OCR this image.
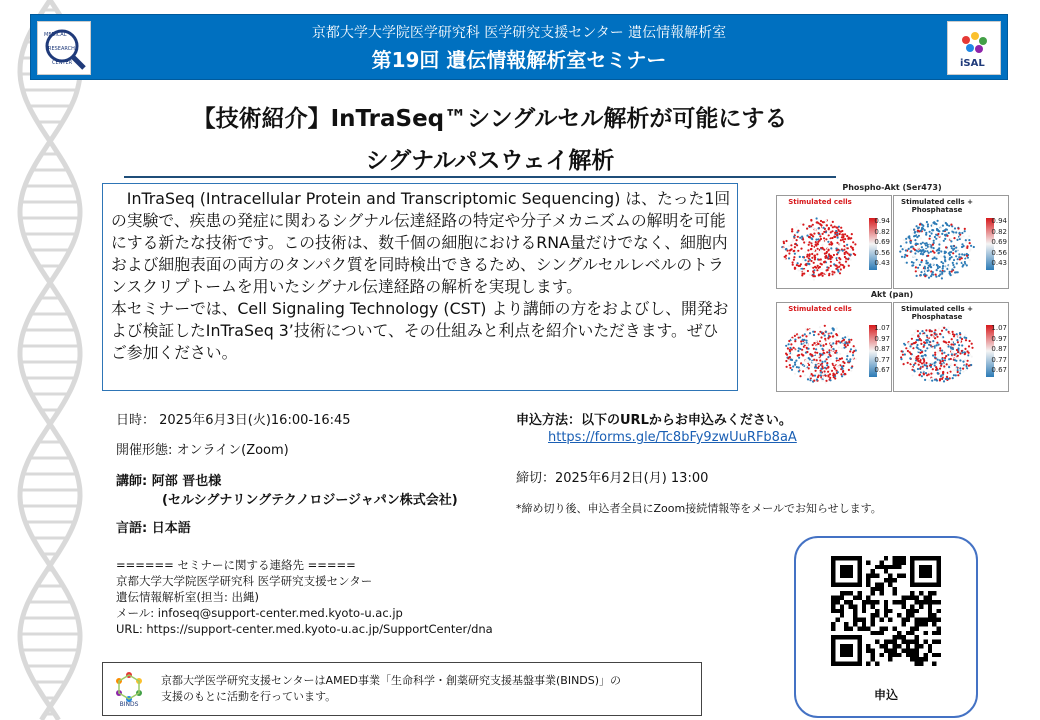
MEDICAL
RESEARCH
CENTER
京都大学大学院医学研究科 医学研究支援センター 遺伝情報解析室
第19回 遺伝情報解析室セミナー	iSAL
【技術紹介】InTraSeq™シングルセル解析が可能にする
シグナルパスウェイ解析

InTraSeq (Intracellular Protein and Transcriptomic Sequencing) は、たった1回の実験で、疾患の発症に関わるシグナル伝達経路の特定や分子メカニズムの解明を可能にする新たな技術です。この技術は、数千個の細胞におけるRNA量だけでなく、細胞内および細胞表面の両方のタンパク質を同時検出できるため、シングルセルレベルのトランスクリプトームを用いたシグナル伝達経路の解析を実現します。

本セミナーでは、Cell Signaling Technology (CST) より講師の方をおよびし、開発および検証したInTraSeq 3’技術について、その仕組みと利点を紹介いただきます。ぜひご参加ください。

Phospho-Akt (Ser473)
Stimulated cells
0.94
0.82
0.69
0.56
0.43
Stimulated cells + Phosphatase
0.94
0.82
0.69
0.56
0.43
Akt (pan)
Stimulated cells
1.07
0.97
0.87
0.77
0.67
Stimulated cells + Phosphatase
1.07
0.97
0.87
0.77
0.67
日時： 2025年6月3日(火)16:00-16:45
開催形態: オンライン(Zoom)
講師: 阿部 晋也様
(セルシグナリングテクノロジージャパン株式会社)
言語: 日本語
申込方法：以下のURLからお申込みください。
https://forms.gle/Tc8bFy9zwUuRFb8aA
締切：2025年6月2日(月) 13:00
*締め切り後、申込者全員にZoom接続情報等をメールでお知らせします。
====== セミナーに関する連絡先 =====
京都大学大学院医学研究科 医学研究支援センター
遺伝情報解析室(担当: 出縄)
メール: infoseq@support-center.med.kyoto-u.ac.jp
URL: https://support-center.med.kyoto-u.ac.jp/SupportCenter/dna
BINDS
京都大学医学研究支援センターはAMED事業「生命科学・創薬研究支援基盤事業(BINDS)」の
支援のもとに活動を行っています。	申込
